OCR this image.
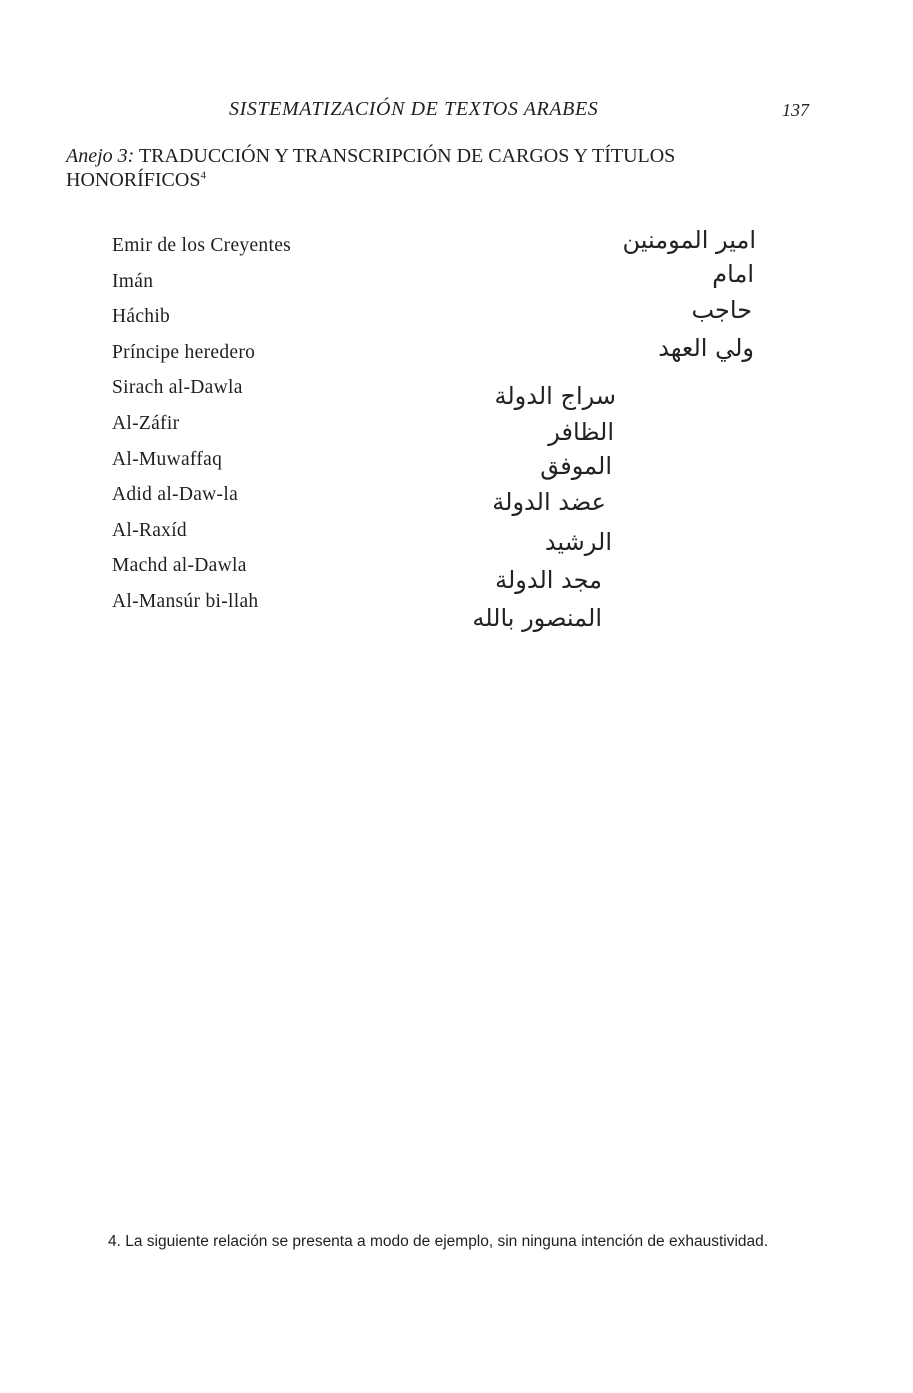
SISTEMATIZACIÓN DE TEXTOS ARABES	137
Anejo 3: TRADUCCIÓN Y TRANSCRIPCIÓN DE CARGOS Y TÍTULOS HONORÍFICOS$^4$
Emir de los Creyentes
Imán
Háchib
Príncipe heredero
Sirach al-Dawla
Al-Záfir
Al-Muwaffaq
Adid al-Daw-la
Al-Raxíd
Machd al-Dawla
Al-Mansúr bi-llah

امير المومنين

امام

حاجب

ولي العهد

سراج الدولة

الظافر

الموفق

عضد الدولة

الرشيد

مجد الدولة

المنصور بالله

4. La siguiente relación se presenta a modo de ejemplo, sin ninguna intención de exhaustividad.
